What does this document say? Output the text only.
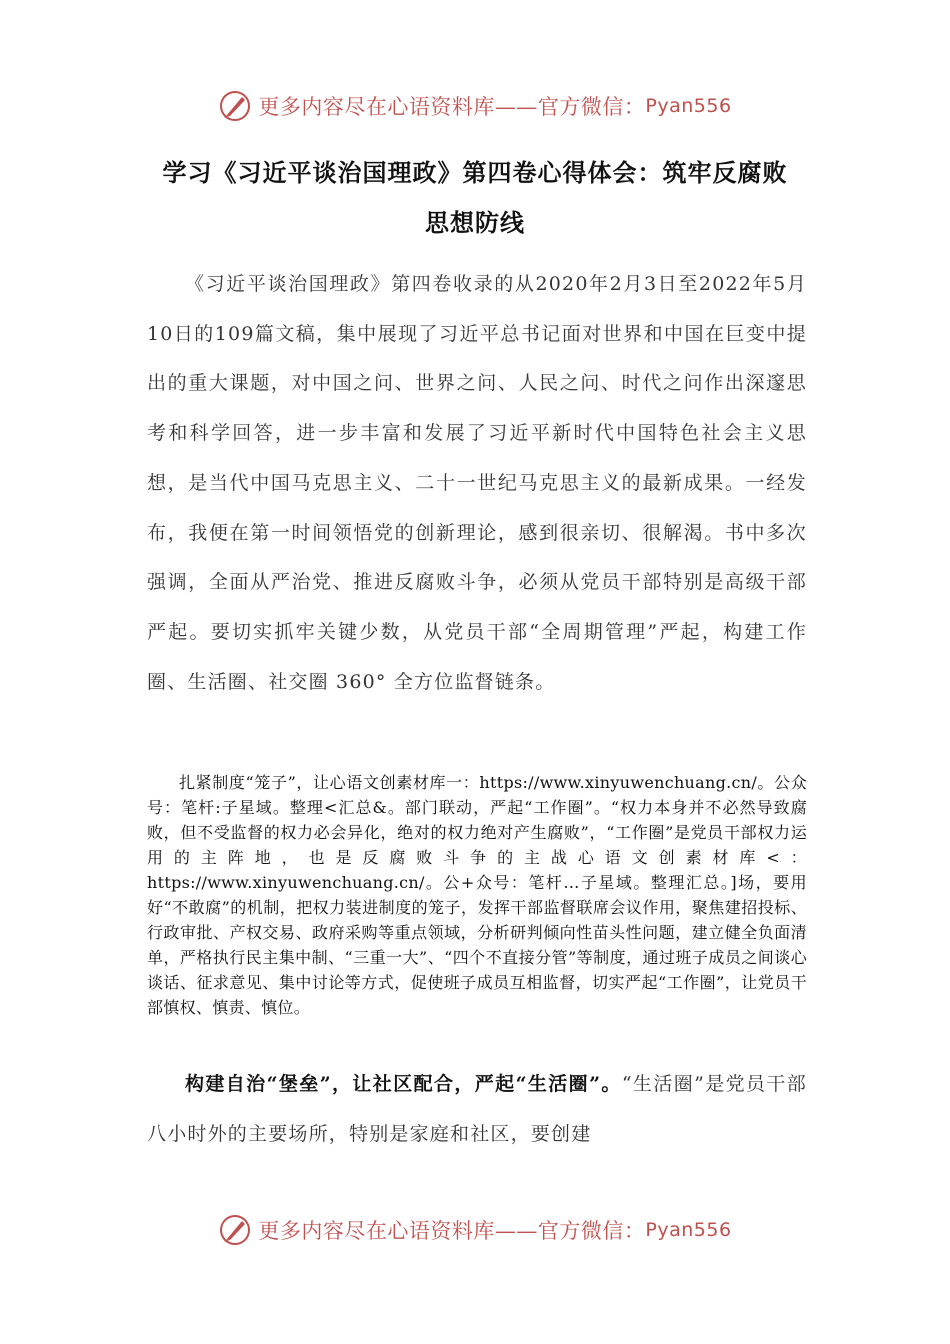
更多内容尽在心语资料库——官方微信： Pyan556
学习《习近平谈治国理政》第四卷心得体会：筑牢反腐败
思想防线

《习近平谈治国理政》第四卷收录的从2020年2月3日至2022年5月10日的109篇文稿，集中展现了习近平总书记面对世界和中国在巨变中提出的重大课题，对中国之问、世界之问、人民之问、时代之问作出深邃思考和科学回答，进一步丰富和发展了习近平新时代中国特色社会主义思想，是当代中国马克思主义、二十一世纪马克思主义的最新成果。一经发布，我便在第一时间领悟党的创新理论，感到很亲切、很解渴。书中多次强调，全面从严治党、推进反腐败斗争，必须从党员干部特别是高级干部严起。要切实抓牢关键少数，从党员干部“全周期管理”严起，构建工作圈、生活圈、社交圈 360° 全方位监督链条。

扎紧制度“笼子”，让心语文创素材库一：https://www.xinyuwenchuang.cn/。公众号：笔杆:子星域。整理<汇总&。部门联动，严起“工作圈”。“权力本身并不必然导致腐败，但不受监督的权力必会异化，绝对的权力绝对产生腐败”，“工作圈”是党员干部权力运用的主阵地，也是反腐败斗争的主战心语文创素材库<：https://www.xinyuwenchuang.cn/。公+众号：笔杆…子星域。整理汇总。]场，要用好“不敢腐”的机制，把权力装进制度的笼子，发挥干部监督联席会议作用，聚焦建招投标、行政审批、产权交易、政府采购等重点领域，分析研判倾向性苗头性问题，建立健全负面清单，严格执行民主集中制、“三重一大”、“四个不直接分管”等制度，通过班子成员之间谈心谈话、征求意见、集中讨论等方式，促使班子成员互相监督，切实严起“工作圈”，让党员干部慎权、慎责、慎位。

构建自治“堡垒”，让社区配合，严起“生活圈”。“生活圈”是党员干部八小时外的主要场所，特别是家庭和社区，要创建

更多内容尽在心语资料库——官方微信： Pyan556
